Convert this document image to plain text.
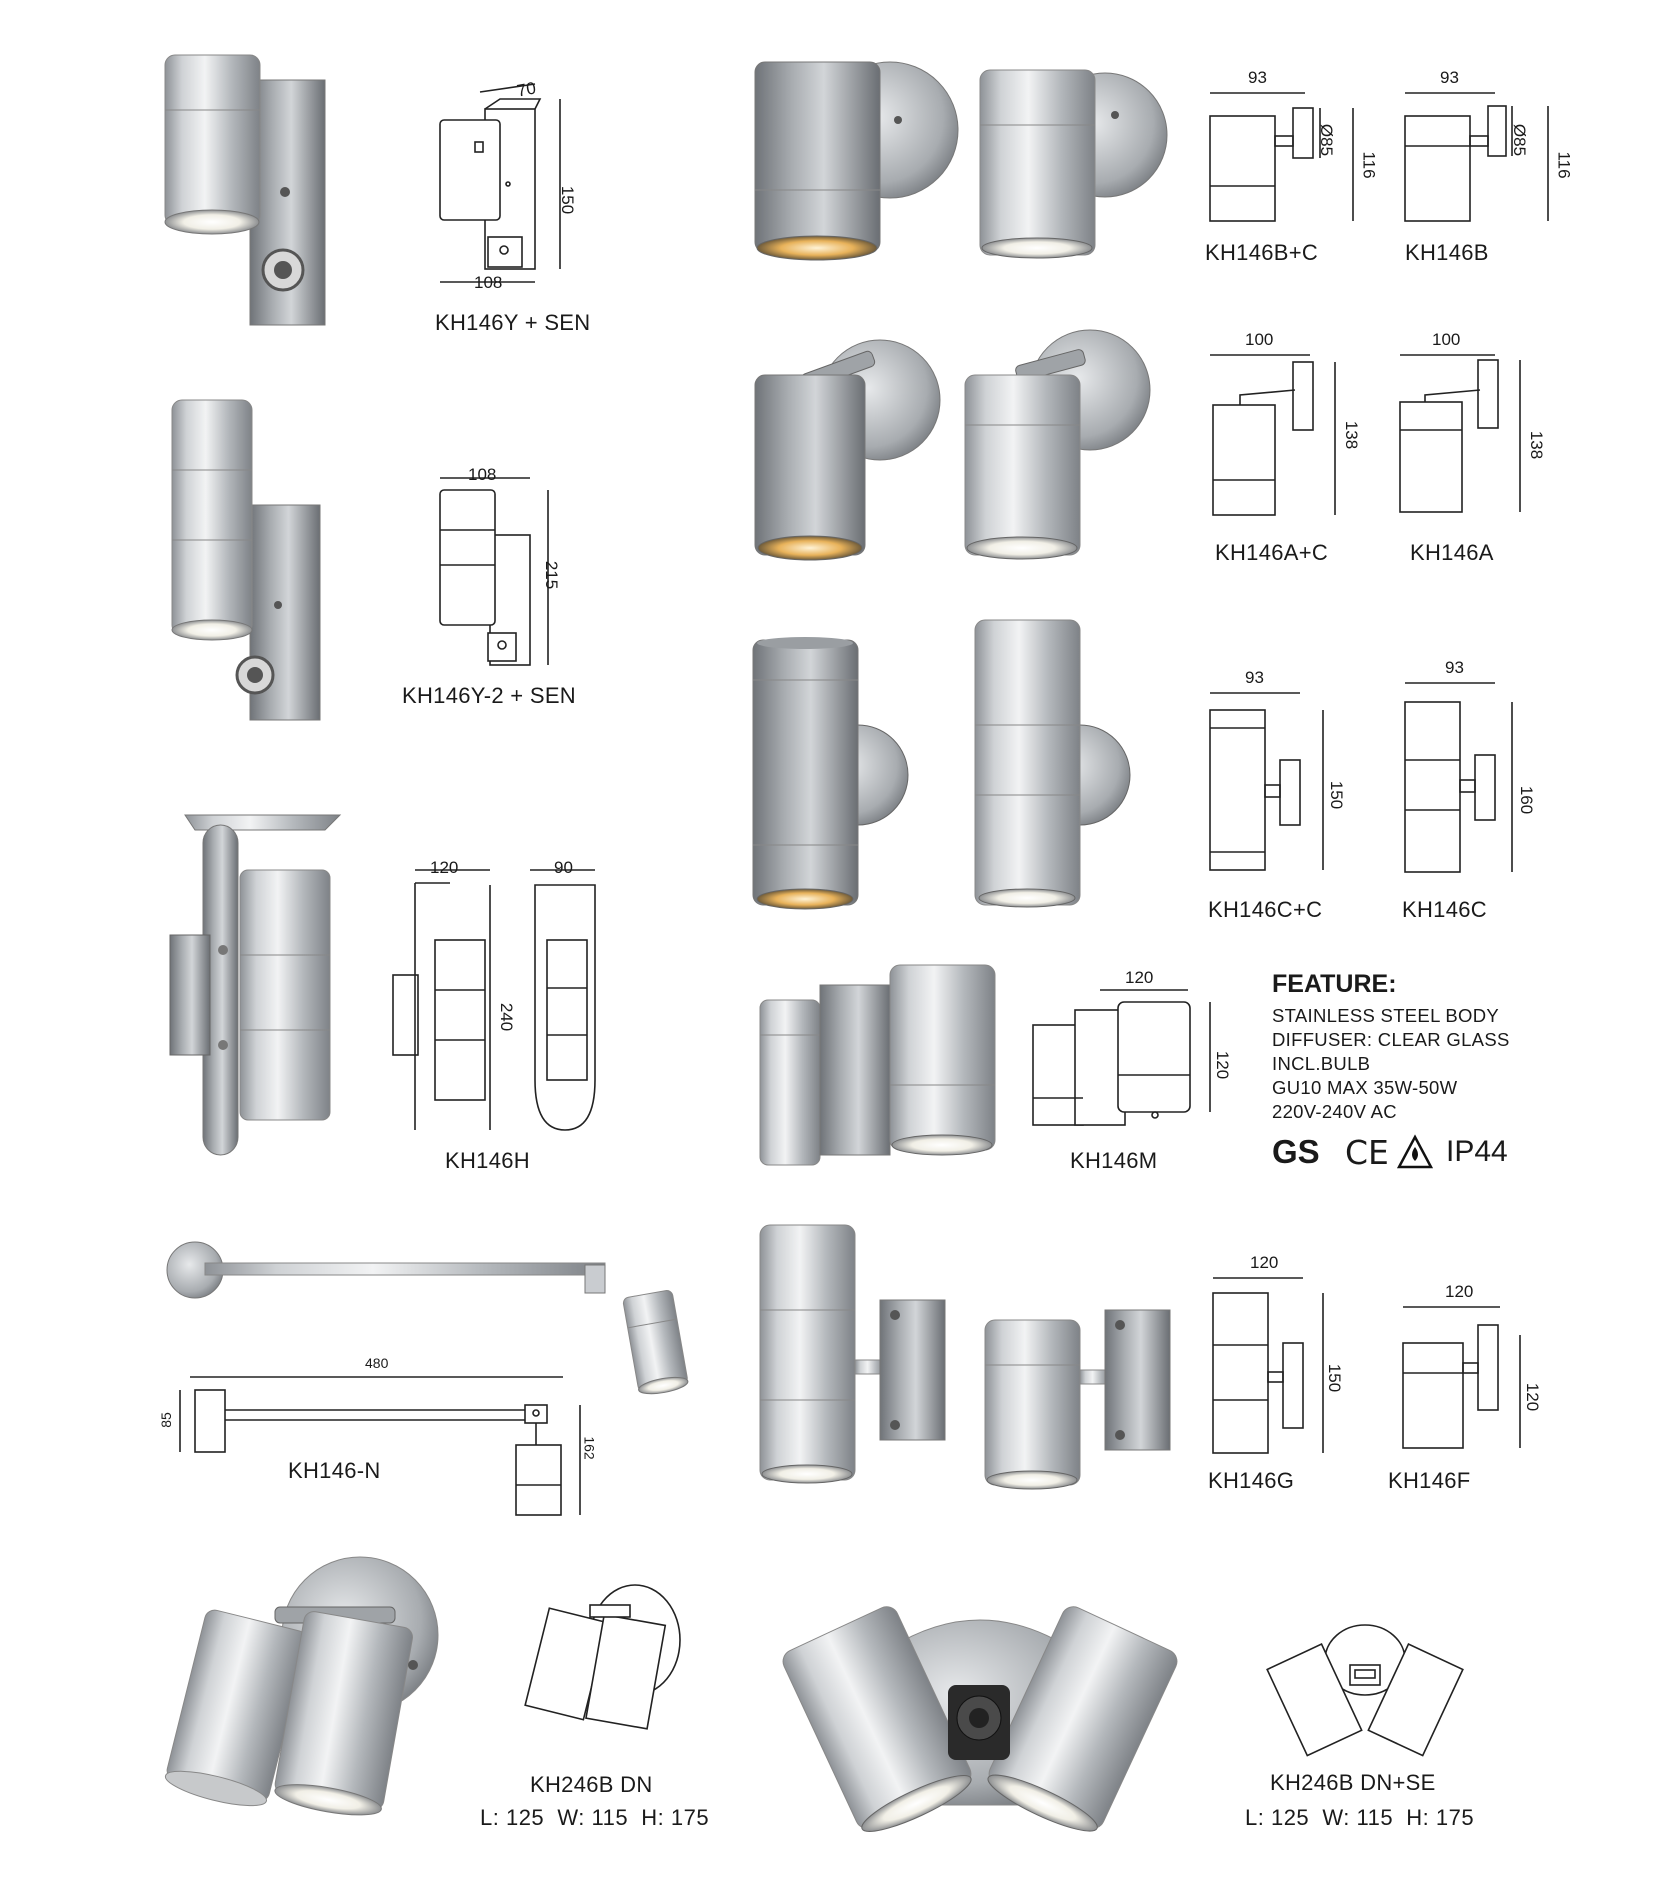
70
150
108
KH146Y + SEN
108
215
KH146Y-2 + SEN
120	90
240
KH146H
480
85
162
KH146-N
KH246B DN
L: 125  W: 115  H: 175
93
Ø85
116
KH146B+C
93
Ø85
116
KH146B
100
138
KH146A+C
100
138
KH146A
93
150
KH146C+C
93
160
KH146C
120
120
KH146M
FEATURE:
STAINLESS STEEL BODY
DIFFUSER: CLEAR GLASS
INCL.BULB
GU10 MAX 35W-50W
220V-240V AC
GS CE IP44
120
150
KH146G
120
120
KH146F
KH246B DN+SE
L: 125  W: 115  H: 175
